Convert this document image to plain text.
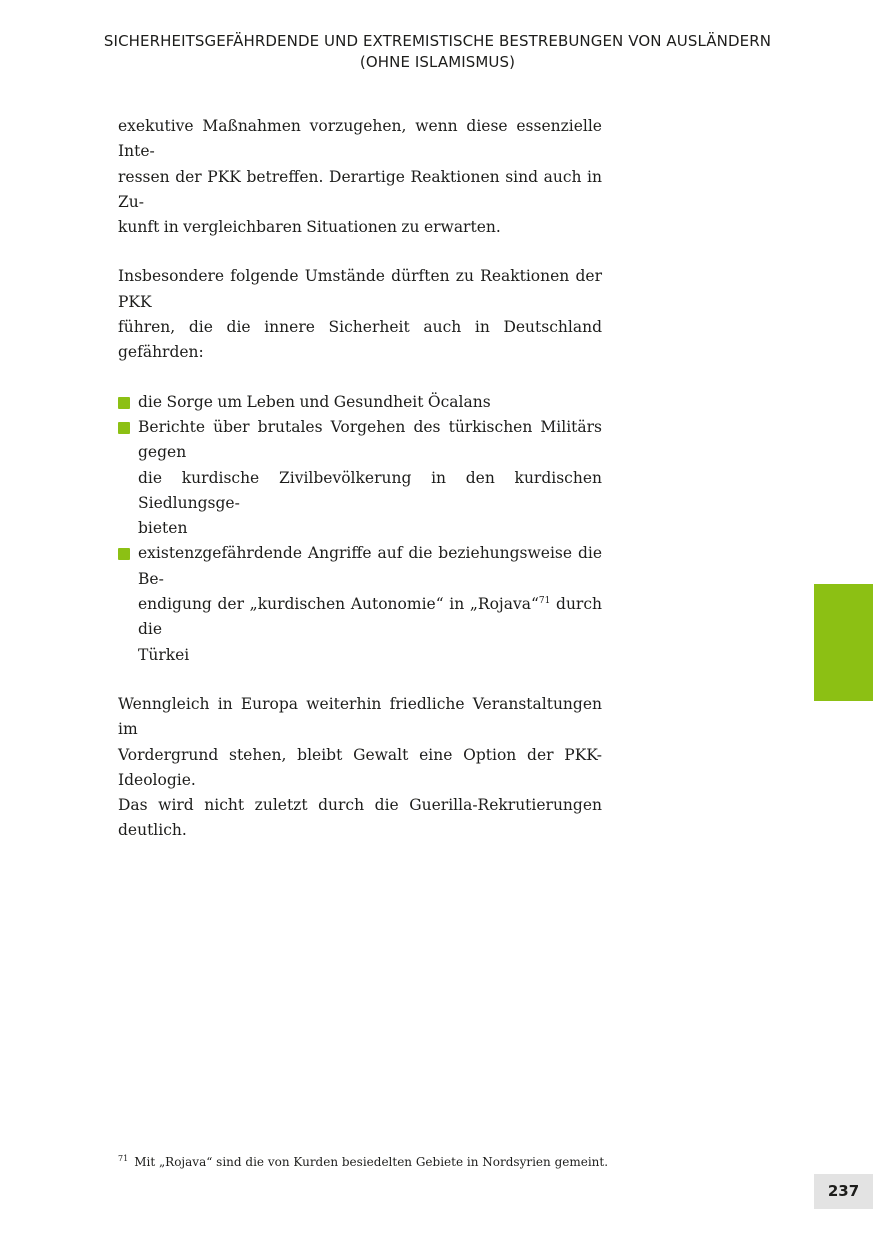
SICHERHEITSGEFÄHRDENDE UND EXTREMISTISCHE BESTREBUNGEN VON AUSLÄNDERN
(OHNE ISLAMISMUS)

exekutive Maßnahmen vorzugehen, wenn diese essenzielle Inte-
ressen der PKK betreffen. Derartige Reaktionen sind auch in Zu-
kunft in vergleichbaren Situationen zu erwarten.

Insbesondere folgende Umstände dürften zu Reaktionen der PKK
führen, die die innere Sicherheit auch in Deutschland gefährden:

die Sorge um Leben und Gesundheit Öcalans
Berichte über brutales Vorgehen des türkischen Militärs gegen
die kurdische Zivilbevölkerung in den kurdischen Siedlungsge-
bieten
existenzgefährdende Angriffe auf die beziehungsweise die Be-
endigung der „kurdischen Autonomie“ in „Rojava“$^{71}$ durch die
Türkei

Wenngleich in Europa weiterhin friedliche Veranstaltungen im
Vordergrund stehen, bleibt Gewalt eine Option der PKK-Ideologie.
Das wird nicht zuletzt durch die Guerilla-Rekrutierungen deutlich.

$^{71}$ Mit „Rojava“ sind die von Kurden besiedelten Gebiete in Nordsyrien gemeint.
237
